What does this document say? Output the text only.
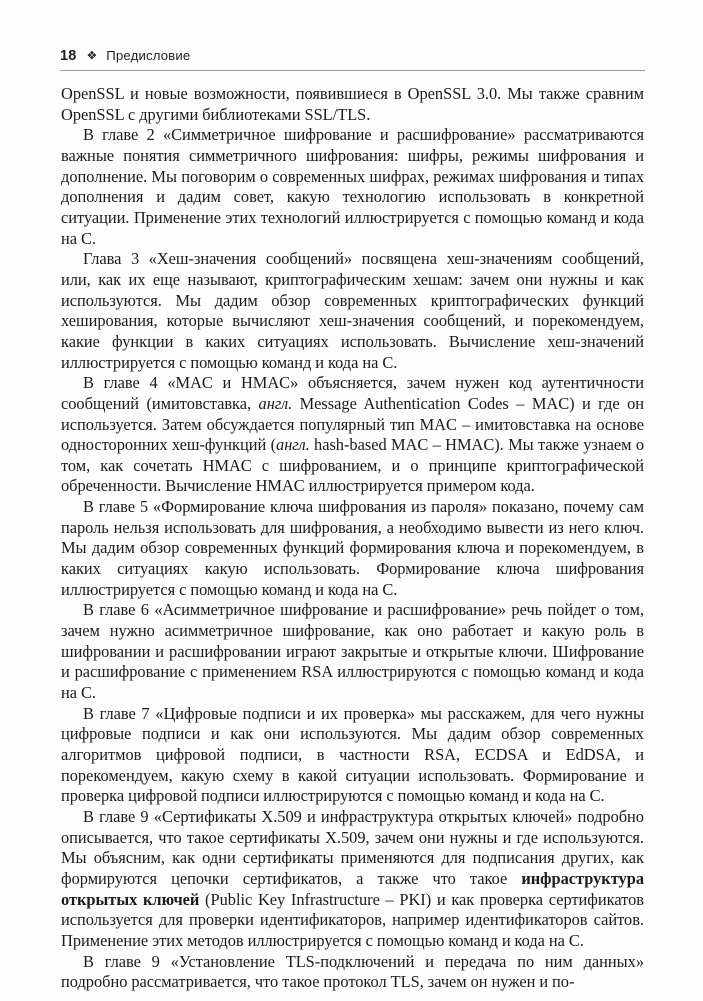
18 ❖ Предисловие

OpenSSL и новые возможности, появившиеся в OpenSSL 3.0. Мы также сравним OpenSSL с другими библиотеками SSL/TLS.

В главе 2 «Симметричное шифрование и расшифрование» рассматриваются важные понятия симметричного шифрования: шифры, режимы шифрования и дополнение. Мы поговорим о современных шифрах, режимах шифрования и типах дополнения и дадим совет, какую технологию использовать в конкретной ситуации. Применение этих технологий иллюстрируется с помощью команд и кода на C.

Глава 3 «Хеш-значения сообщений» посвящена хеш-значениям сообщений, или, как их еще называют, криптографическим хешам: зачем они нужны и как используются. Мы дадим обзор современных криптографических функций хеширования, которые вычисляют хеш-значения сообщений, и порекомендуем, какие функции в каких ситуациях использовать. Вычисление хеш-значений иллюстрируется с помощью команд и кода на C.

В главе 4 «MAC и HMAC» объясняется, зачем нужен код аутентичности сообщений (имитовставка, англ. Message Authentication Codes – MAC) и где он используется. Затем обсуждается популярный тип MAC – имитовставка на основе односторонних хеш-функций (англ. hash-based MAC – HMAC). Мы также узнаем о том, как сочетать HMAC с шифрованием, и о принципе криптографической обреченности. Вычисление HMAC иллюстрируется примером кода.

В главе 5 «Формирование ключа шифрования из пароля» показано, почему сам пароль нельзя использовать для шифрования, а необходимо вывести из него ключ. Мы дадим обзор современных функций формирования ключа и порекомендуем, в каких ситуациях какую использовать. Формирование ключа шифрования иллюстрируется с помощью команд и кода на C.

В главе 6 «Асимметричное шифрование и расшифрование» речь пойдет о том, зачем нужно асимметричное шифрование, как оно работает и какую роль в шифровании и расшифровании играют закрытые и открытые ключи. Шифрование и расшифрование с применением RSA иллюстрируются с помощью команд и кода на C.

В главе 7 «Цифровые подписи и их проверка» мы расскажем, для чего нужны цифровые подписи и как они используются. Мы дадим обзор современных алгоритмов цифровой подписи, в частности RSA, ECDSA и EdDSA, и порекомендуем, какую схему в какой ситуации использовать. Формирование и проверка цифровой подписи иллюстрируются с помощью команд и кода на C.

В главе 9 «Сертификаты X.509 и инфраструктура открытых ключей» подробно описывается, что такое сертификаты X.509, зачем они нужны и где используются. Мы объясним, как одни сертификаты применяются для подписания других, как формируются цепочки сертификатов, а также что такое инфраструктура открытых ключей (Public Key Infrastructure – PKI) и как проверка сертификатов используется для проверки идентификаторов, например идентификаторов сайтов. Применение этих методов иллюстрируется с помощью команд и кода на C.

В главе 9 «Установление TLS-подключений и передача по ним данных» подробно рассматривается, что такое протокол TLS, зачем он нужен и по-
